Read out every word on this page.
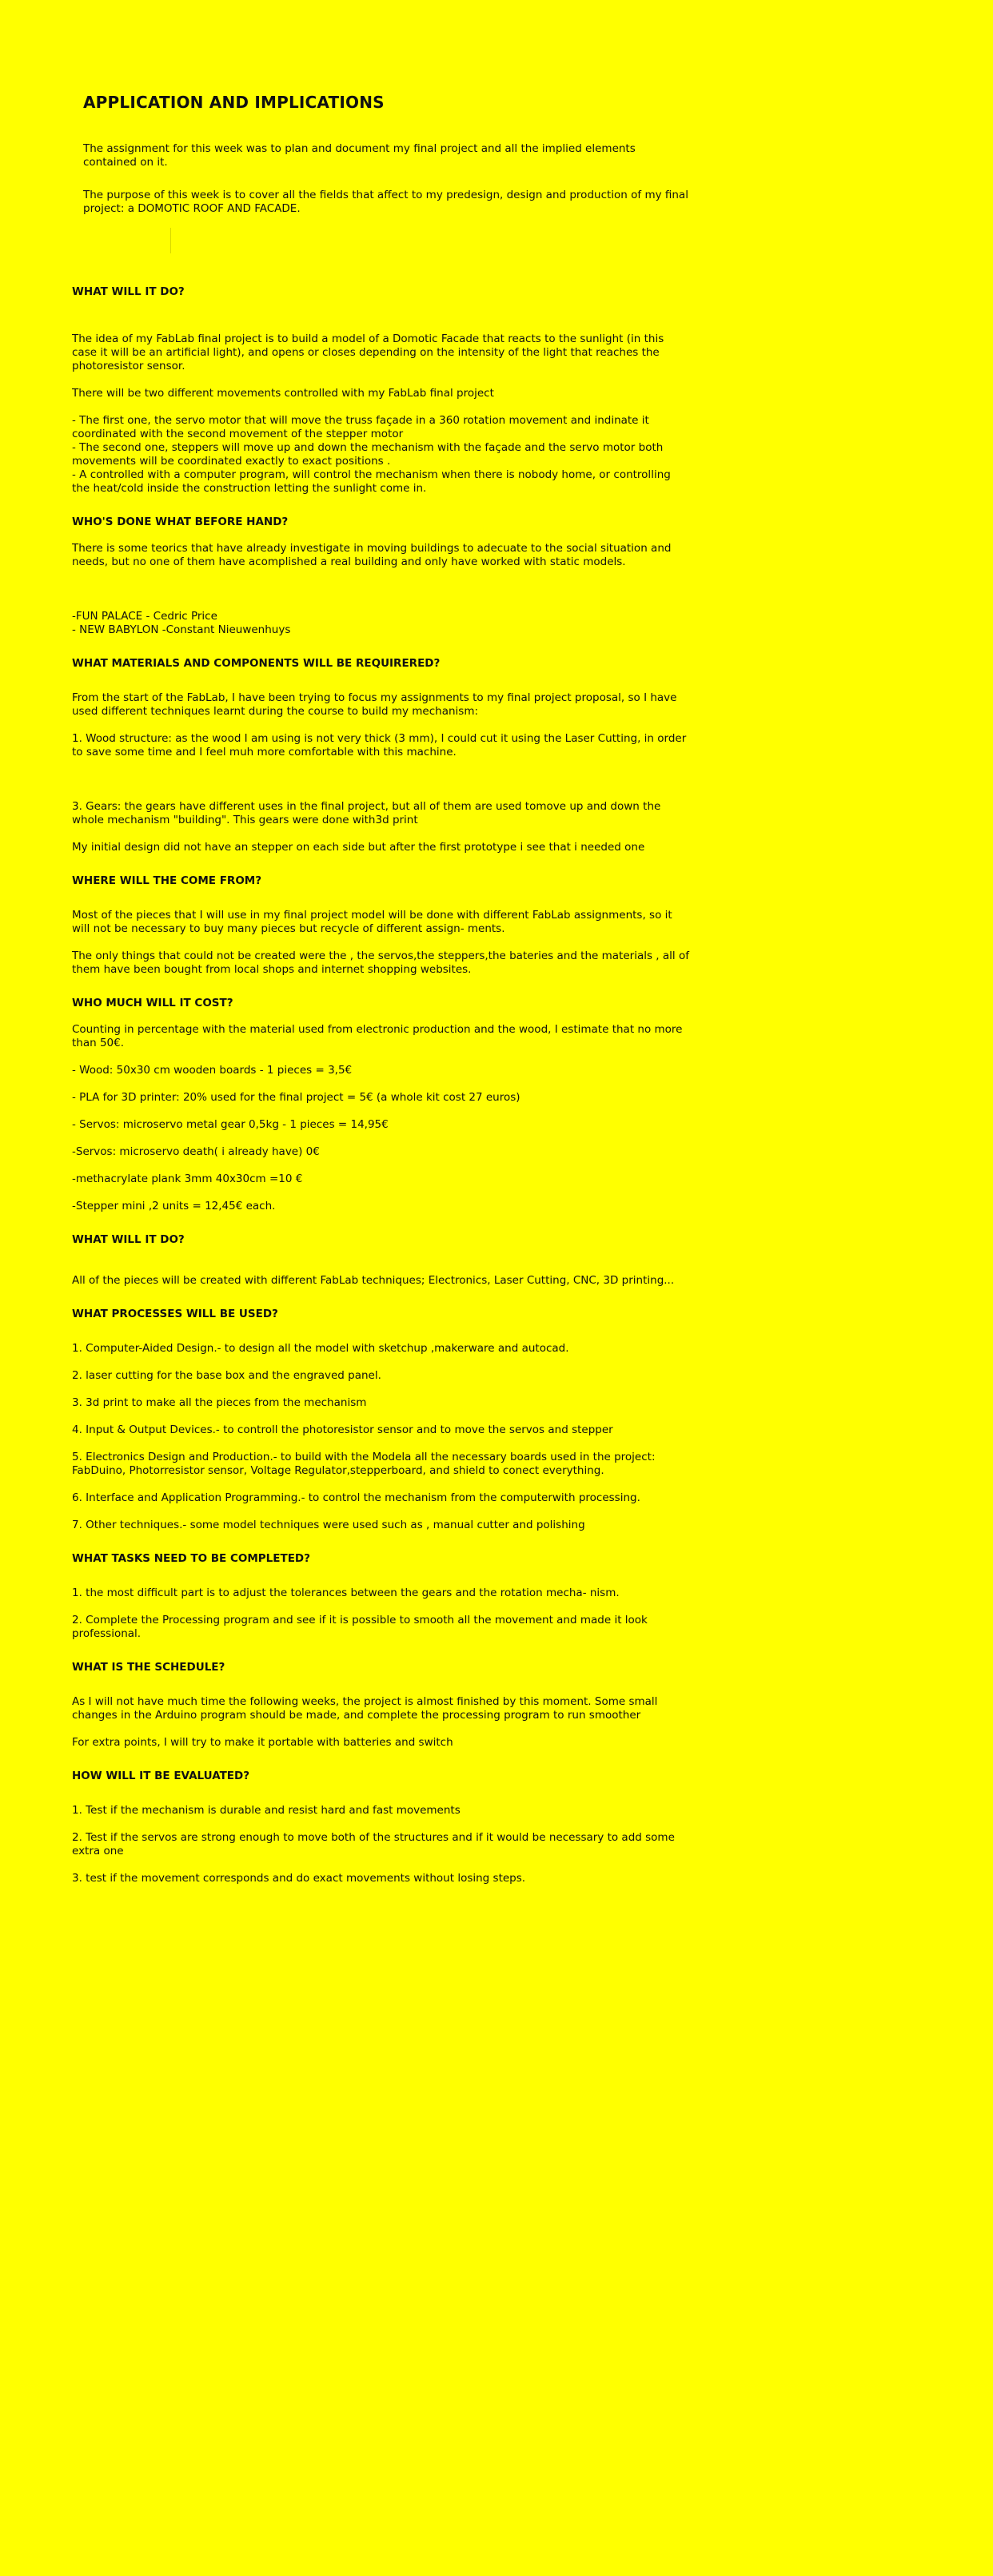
APPLICATION AND IMPLICATIONS

The assignment for this week was to plan and document my final project and all the implied elements contained on it.

The purpose of this week is to cover all the fields that affect to my predesign, design and production of my final project: a DOMOTIC ROOF AND FACADE.

WHAT WILL IT DO?

The idea of my FabLab final project is to build a model of a Domotic Facade that reacts to the sunlight (in this case it will be an artificial light), and opens or closes depending on the intensity of the light that reaches the photoresistor sensor.

There will be two different movements controlled with my FabLab final project

- The first one, the servo motor that will move the truss façade in a 360 rotation movement and indinate it coordinated with the second movement of the stepper motor
- The second one, steppers will move up and down the mechanism with the façade and the servo motor both movements will be coordinated exactly to exact positions .
- A controlled with a computer program, will control the mechanism when there is nobody home, or controlling the heat/cold inside the construction letting the sunlight come in.

WHO'S DONE WHAT BEFORE HAND?

There is some teorics that have already investigate in moving buildings to adecuate to the social situation and needs, but no one of them have acomplished a real building and only have worked with static models.

-FUN PALACE - Cedric Price
- NEW BABYLON -Constant Nieuwenhuys

WHAT MATERIALS AND COMPONENTS WILL BE REQUIRERED?

From the start of the FabLab, I have been trying to focus my assignments to my final project proposal, so I have used different techniques learnt during the course to build my mechanism:

1. Wood structure: as the wood I am using is not very thick (3 mm), I could cut it using the Laser Cutting, in order to save some time and I feel muh more comfortable with this machine.

3. Gears: the gears have different uses in the final project, but all of them are used tomove up and down the whole mechanism "building". This gears were done with3d print

My initial design did not have an stepper on each side but after the first prototype i see that i needed one

WHERE WILL THE COME FROM?

Most of the pieces that I will use in my final project model will be done with different FabLab assignments, so it will not be necessary to buy many pieces but recycle of different assign- ments.

The only things that could not be created were the , the servos,the steppers,the bateries and the materials , all of them have been bought from local shops and internet shopping websites.

WHO MUCH WILL IT COST?

Counting in percentage with the material used from electronic production and the wood, I estimate that no more than 50€.

- Wood: 50x30 cm wooden boards - 1 pieces = 3,5€

- PLA for 3D printer: 20% used for the final project = 5€ (a whole kit cost 27 euros)

- Servos: microservo metal gear 0,5kg - 1 pieces = 14,95€

-Servos: microservo death( i already have) 0€

-methacrylate plank 3mm 40x30cm =10 €

-Stepper mini ,2 units = 12,45€ each.

WHAT WILL IT DO?

All of the pieces will be created with different FabLab techniques; Electronics, Laser Cutting, CNC, 3D printing...

WHAT PROCESSES WILL BE USED?

1. Computer-Aided Design.- to design all the model with sketchup ,makerware and autocad.

2. laser cutting for the base box and the engraved panel.

3. 3d print to make all the pieces from the mechanism

4. Input & Output Devices.- to controll the photoresistor sensor and to move the servos and stepper

5. Electronics Design and Production.- to build with the Modela all the necessary boards used in the project: FabDuino, Photorresistor sensor, Voltage Regulator,stepperboard, and shield to conect everything.

6. Interface and Application Programming.- to control the mechanism from the computerwith processing.

7. Other techniques.- some model techniques were used such as , manual cutter and polishing

WHAT TASKS NEED TO BE COMPLETED?

1. the most difficult part is to adjust the tolerances between the gears and the rotation mecha- nism.

2. Complete the Processing program and see if it is possible to smooth all the movement and made it look professional.

WHAT IS THE SCHEDULE?

As I will not have much time the following weeks, the project is almost finished by this moment. Some small changes in the Arduino program should be made, and complete the processing program to run smoother

For extra points, I will try to make it portable with batteries and switch

HOW WILL IT BE EVALUATED?

1. Test if the mechanism is durable and resist hard and fast movements

2. Test if the servos are strong enough to move both of the structures and if it would be necessary to add some extra one

3. test if the movement corresponds and do exact movements without losing steps.
